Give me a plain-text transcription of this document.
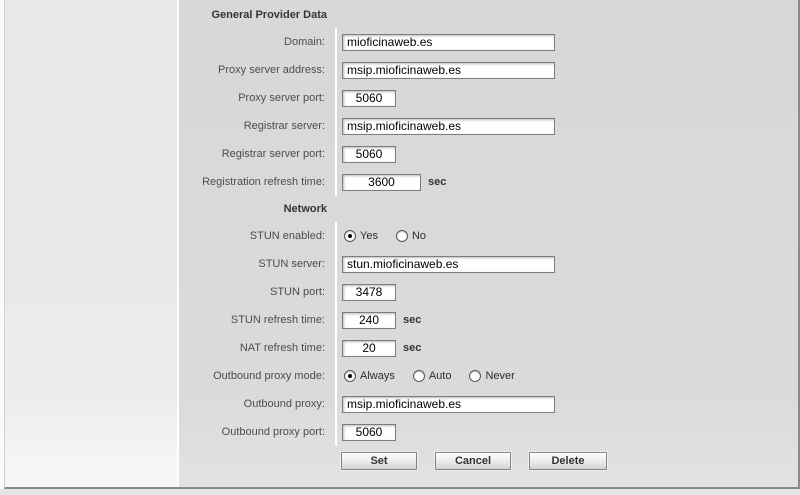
General Provider Data
Domain:
mioficinaweb.es
Proxy server address:
msip.mioficinaweb.es
Proxy server port:
5060
Registrar server:
msip.mioficinaweb.es
Registrar server port:
5060
Registration refresh time:
3600	sec
Network
STUN enabled:	Yes	No
STUN server:
stun.mioficinaweb.es
STUN port:
3478
STUN refresh time:
240	sec
NAT refresh time:
20	sec
Outbound proxy mode:	Always	Auto	Never
Outbound proxy:
msip.mioficinaweb.es
Outbound proxy port:
5060
Set	Cancel	Delete
